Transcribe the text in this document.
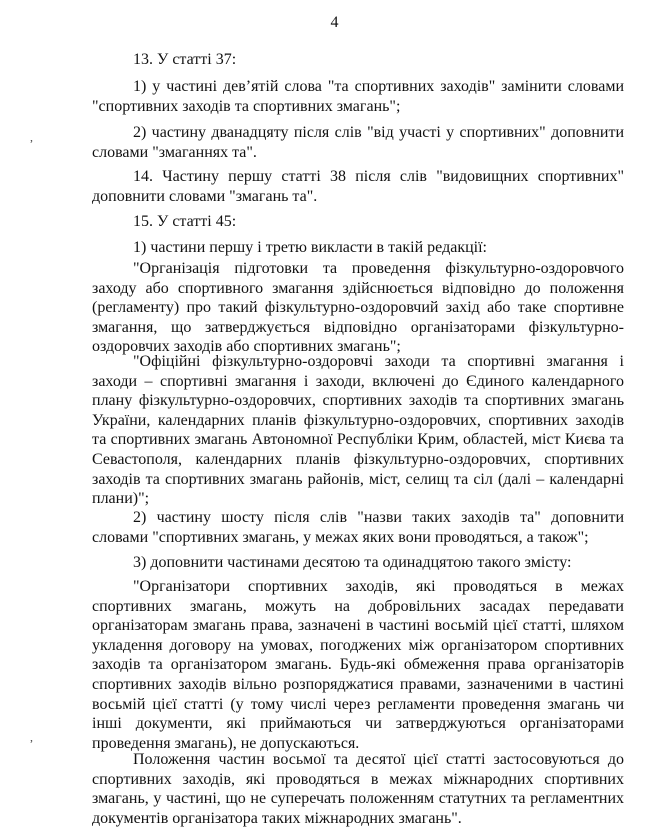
4
,
,

13. У статті 37:

1) у частині дев’ятій слова "та спортивних заходів" замінити словами "спортивних заходів та спортивних змагань";

2) частину дванадцяту після слів "від участі у спортивних" доповнити словами "змаганнях та".

14. Частину першу статті 38 після слів "видовищних спортивних" доповнити словами "змагань та".

15. У статті 45:

1) частини першу і третю викласти в такій редакції:

"Організація підготовки та проведення фізкультурно-оздоровчого заходу або спортивного змагання здійснюється відповідно до положення (регламенту) про такий фізкультурно-оздоровчий захід або таке спортивне змагання, що затверджується відповідно організаторами фізкультурно-оздоровчих заходів або спортивних змагань";

"Офіційні фізкультурно-оздоровчі заходи та спортивні змагання і заходи – спортивні змагання і заходи, включені до Єдиного календарного плану фізкультурно-оздоровчих, спортивних заходів та спортивних змагань України, календарних планів фізкультурно-оздоровчих, спортивних заходів та спортивних змагань Автономної Республіки Крим, областей, міст Києва та Севастополя, календарних планів фізкультурно-оздоровчих, спортивних заходів та спортивних змагань районів, міст, селищ та сіл (далі – календарні плани)";

2) частину шосту після слів "назви таких заходів та" доповнити словами "спортивних змагань, у межах яких вони проводяться, а також";

3) доповнити частинами десятою та одинадцятою такого змісту:

"Організатори спортивних заходів, які проводяться в межах спортивних змагань, можуть на добровільних засадах передавати організаторам змагань права, зазначені в частині восьмій цієї статті, шляхом укладення договору на умовах, погоджених між організатором спортивних заходів та організатором змагань. Будь-які обмеження права організаторів спортивних заходів вільно розпоряджатися правами, зазначеними в частині восьмій цієї статті (у тому числі через регламенти проведення змагань чи інші документи, які приймаються чи затверджуються організаторами проведення змагань), не допускаються.

Положення частин восьмої та десятої цієї статті застосовуються до спортивних заходів, які проводяться в межах міжнародних спортивних змагань, у частині, що не суперечать положенням статутних та регламентних документів організатора таких міжнародних змагань".
